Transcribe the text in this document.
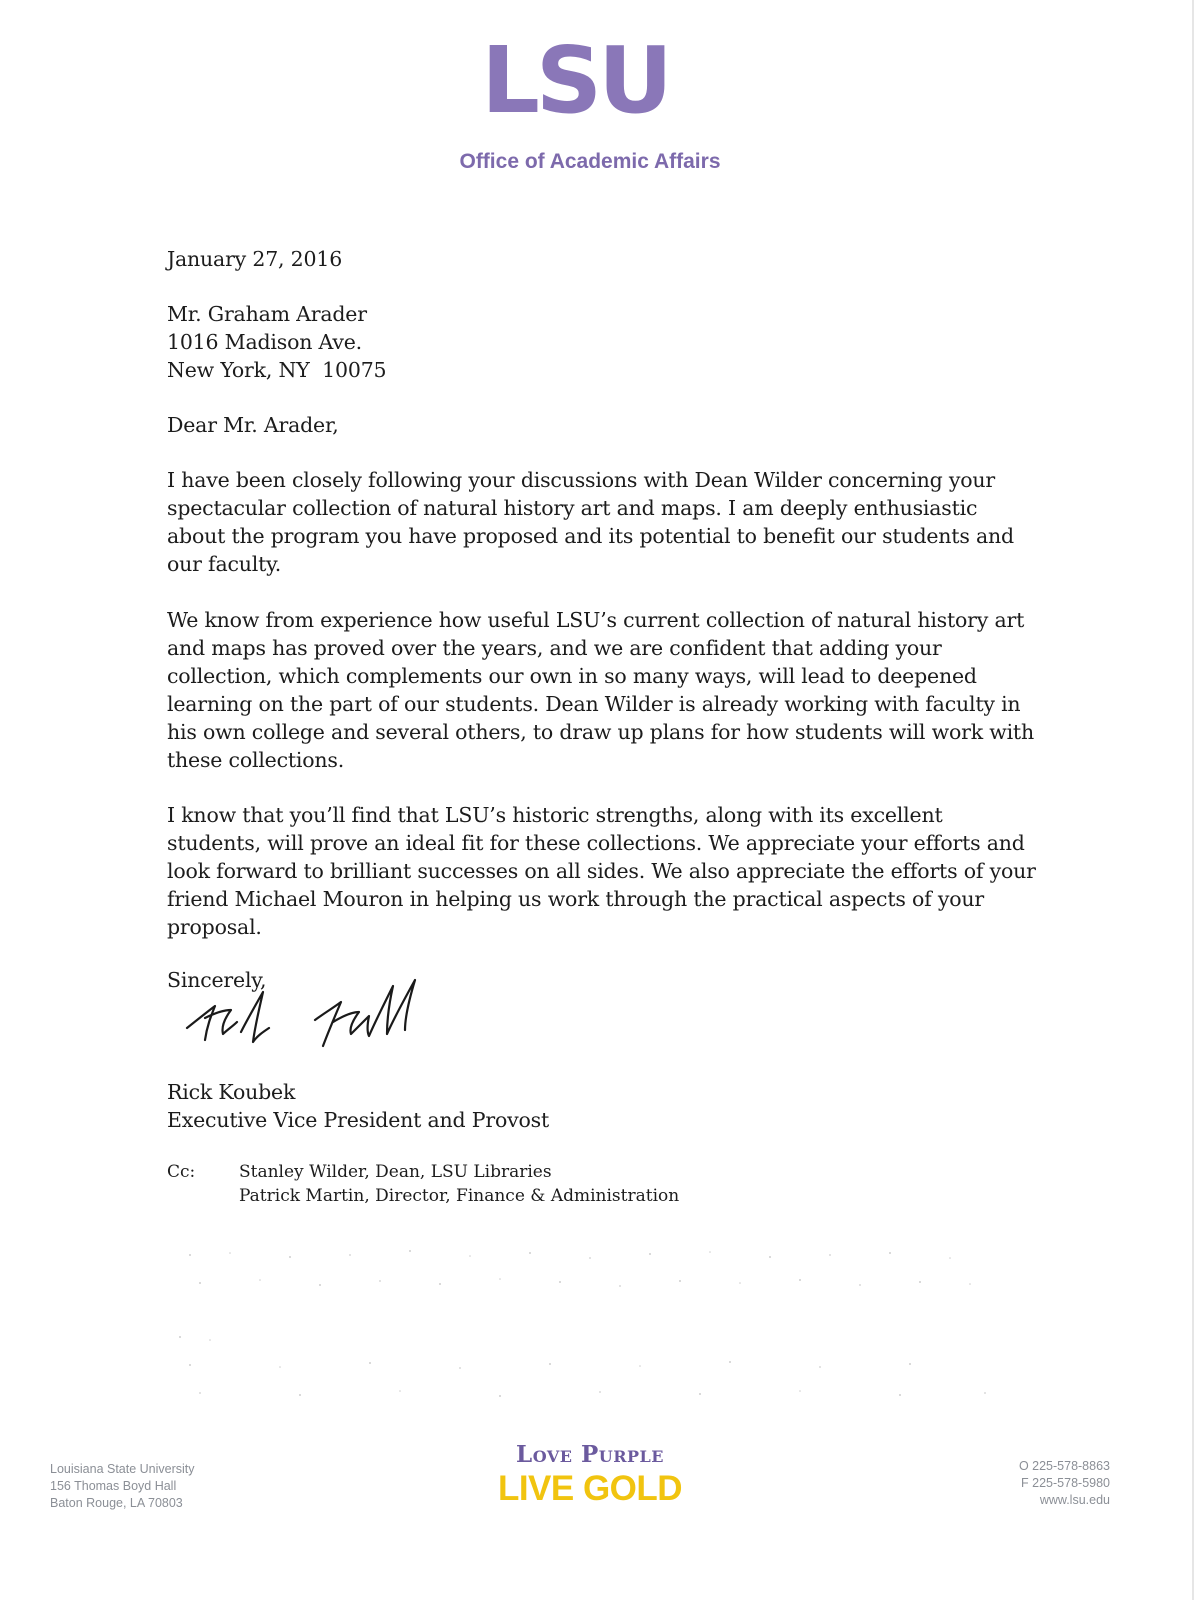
LSU
Office of Academic Affairs
January 27, 2016

Mr. Graham Arader

1016 Madison Ave.

New York, NY  10075

Dear Mr. Arader,
I have been closely following your discussions with Dean Wilder concerning your spectacular collection of natural history art and maps. I am deeply enthusiastic about the program you have proposed and its potential to benefit our students and our faculty.
We know from experience how useful LSU’s current collection of natural history art and maps has proved over the years, and we are confident that adding your collection, which complements our own in so many ways, will lead to deepened learning on the part of our students. Dean Wilder is already working with faculty in his own college and several others, to draw up plans for how students will work with these collections.
I know that you’ll find that LSU’s historic strengths, along with its excellent students, will prove an ideal fit for these collections. We appreciate your efforts and look forward to brilliant successes on all sides. We also appreciate the efforts of your friend Michael Mouron in helping us work through the practical aspects of your proposal.
Sincerely,

Rick Koubek

Executive Vice President and Provost

Cc:	Stanley Wilder, Dean, LSU Libraries
Patrick Martin, Director, Finance & Administration
Louisiana State University
156 Thomas Boyd Hall
Baton Rouge, LA 70803
Love Purple
LIVE GOLD
O 225-578-8863
F 225-578-5980
www.lsu.edu
